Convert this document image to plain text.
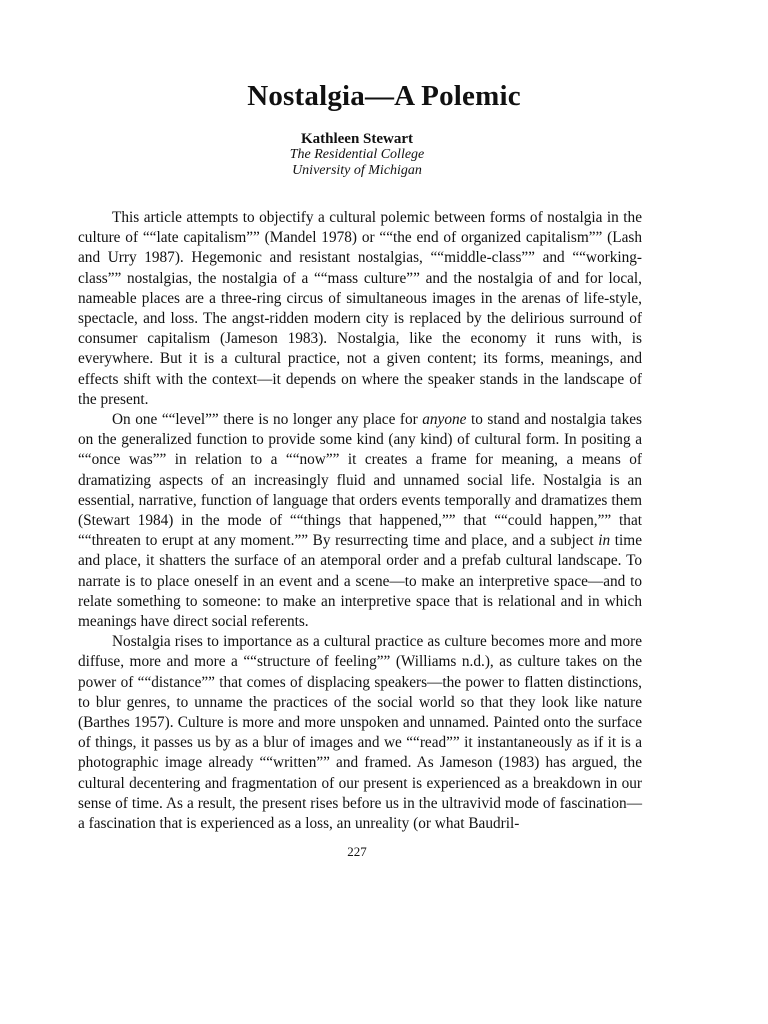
Nostalgia—A Polemic
Kathleen Stewart
The Residential College
University of Michigan

This article attempts to objectify a cultural polemic between forms of nostalgia in the culture of ““late capitalism”” (Mandel 1978) or ““the end of organized capitalism”” (Lash and Urry 1987). Hegemonic and resistant nostalgias, ““middle-class”” and ““working-class”” nostalgias, the nostalgia of a ““mass culture”” and the nostalgia of and for local, nameable places are a three-ring circus of simultaneous images in the arenas of life-style, spectacle, and loss. The angst-ridden modern city is replaced by the delirious surround of consumer capitalism (Jameson 1983). Nostalgia, like the economy it runs with, is everywhere. But it is a cultural practice, not a given content; its forms, meanings, and effects shift with the context—it depends on where the speaker stands in the landscape of the present.

On one ““level”” there is no longer any place for anyone to stand and nostalgia takes on the generalized function to provide some kind (any kind) of cultural form. In positing a ““once was”” in relation to a ““now”” it creates a frame for meaning, a means of dramatizing aspects of an increasingly fluid and unnamed social life. Nostalgia is an essential, narrative, function of language that orders events temporally and dramatizes them (Stewart 1984) in the mode of ““things that happened,”” that ““could happen,”” that ““threaten to erupt at any moment.”” By resurrecting time and place, and a subject in time and place, it shatters the surface of an atemporal order and a prefab cultural landscape. To narrate is to place oneself in an event and a scene—to make an interpretive space—and to relate something to someone: to make an interpretive space that is relational and in which meanings have direct social referents.

Nostalgia rises to importance as a cultural practice as culture becomes more and more diffuse, more and more a ““structure of feeling”” (Williams n.d.), as culture takes on the power of ““distance”” that comes of displacing speakers—the power to flatten distinctions, to blur genres, to unname the practices of the social world so that they look like nature (Barthes 1957). Culture is more and more unspoken and unnamed. Painted onto the surface of things, it passes us by as a blur of images and we ““read”” it instantaneously as if it is a photographic image already ““written”” and framed. As Jameson (1983) has argued, the cultural decentering and fragmentation of our present is experienced as a breakdown in our sense of time. As a result, the present rises before us in the ultravivid mode of fascination—a fascination that is experienced as a loss, an unreality (or what Baudril-

227
